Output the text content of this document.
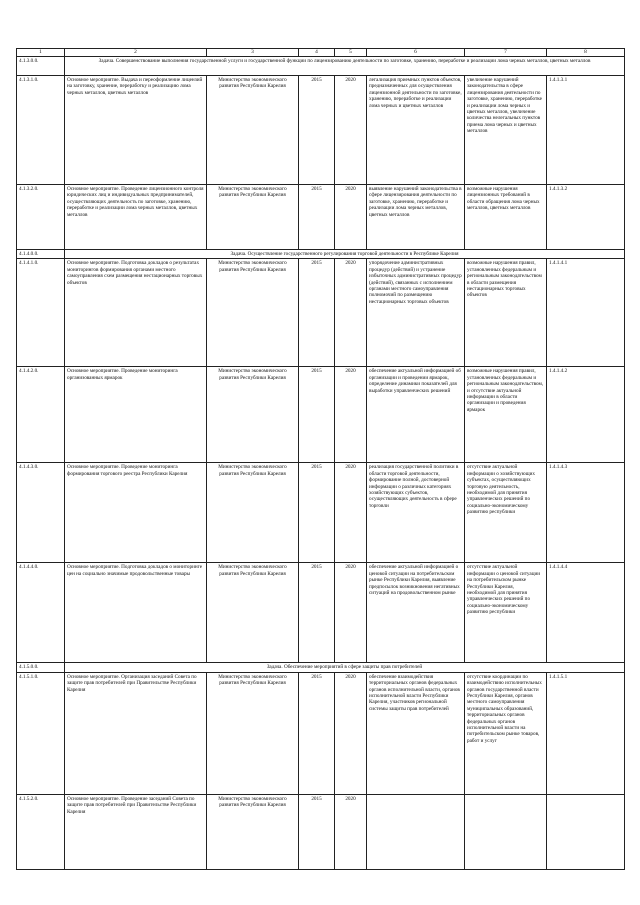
1	2	3	4	5	6	7	8
4.1.3.0.0.	Задача. Совершенствование выполнения государственной услуги и государственной функции по лицензированию деятельности по заготовке, хранению, переработке и реализации лома черных металлов, цветных металлов						
4.1.3.1.0.	Основное мероприятие. Выдача и переоформление лицензий на заготовку, хранение, переработку и реализацию лома черных металлов, цветных металлов	Министерство экономического развития Республики Карелия	2015	2020	легализация приемных пунктов объектов, предназначенных для осуществления лицензионной деятельности по заготовке, хранению, переработке и реализации лома черных и цветных металлов	увеличение нарушений законодательства в сфере лицензирования деятельности по заготовке, хранению, переработке и реализации лома черных и цветных металлов, увеличение количества нелегальных пунктов приема лома черных и цветных металлов	1.4.1.3.1
4.1.3.2.0.	Основное мероприятие. Проведение лицензионного контроля юридических лиц и индивидуальных предпринимателей, осуществляющих деятельность по заготовке, хранению, переработке и реализации лома черных металлов, цветных металлов	Министерство экономического развития Республики Карелия	2015	2020	выявление нарушений законодательства в сфере лицензирования деятельности по заготовке, хранению, переработке и реализации лома черных металлов, цветных металлов	возможные нарушения лицензионных требований в области обращения лома черных металлов, цветных металлов	1.4.1.3.2
4.1.4.0.0.	Задача. Осуществление государственного регулирования торговой деятельности в Республике Карелия						
4.1.4.1.0.	Основное мероприятие. Подготовка докладов о результатах мониторингов формирования органами местного самоуправления схем размещения нестационарных торговых объектов	Министерство экономического развития Республики Карелия	2015	2020	упорядочение административных процедур (действий) и устранение избыточных административных процедур (действий), связанных с исполнением органами местного самоуправления полномочий по размещению нестационарных торговых объектов	возможные нарушения правил, установленных федеральным и региональным законодательством в области размещения нестационарных торговых объектов	1.4.1.4.1
4.1.4.2.0.	Основное мероприятие. Проведение мониторинга организованных ярмарок	Министерство экономического развития Республики Карелия	2015	2020	обеспечение актуальной информацией об организации и проведении ярмарок, определение динамики показателей для выработки управленческих решений	возможные нарушения правил, установленных федеральным и региональным законодательством, и отсутствие актуальной информации в области организации и проведения ярмарок	1.4.1.4.2
4.1.4.3.0.	Основное мероприятие. Проведение мониторинга формирования торгового реестра Республики Карелия	Министерство экономического развития Республики Карелия	2015	2020	реализация государственной политики в области торговой деятельности, формирование полной, достоверной информации о различных категориях хозяйствующих субъектов, осуществляющих деятельность в сфере торговли	отсутствие актуальной информации о хозяйствующих субъектах, осуществляющих торговую деятельность, необходимой для принятия управленческих решений по социально-экономическому развитию республики	1.4.1.4.3
4.1.4.4.0.	Основное мероприятие. Подготовка докладов о мониторинге цен на социально значимые продовольственные товары	Министерство экономического развития Республики Карелия	2015	2020	обеспечение актуальной информацией о ценовой ситуации на потребительском рынке Республики Карелия, выявление предпосылок возникновения негативных ситуаций на продовольственном рынке	отсутствие актуальной информации о ценовой ситуации на потребительском рынке Республики Карелия, необходимой для принятия управленческих решений по социально-экономическому развитию республики	1.4.1.4.4
4.1.5.0.0.	Задача. Обеспечение мероприятий в сфере защиты прав потребителей						
4.1.5.1.0.	Основное мероприятие. Организация заседаний Совета по защите прав потребителей при Правительстве Республики Карелия	Министерство экономического развития Республики Карелия	2015	2020	обеспечение взаимодействия территориальных органов федеральных органов исполнительной власти, органов исполнительной власти Республики Карелия, участников региональной системы защиты прав потребителей	отсутствие координации по взаимодействию исполнительных органов государственной власти Республики Карелия, органов местного самоуправления муниципальных образований, территориальных органов федеральных органов исполнительной власти на потребительском рынке товаров, работ и услуг	1.4.1.5.1
4.1.5.2.0.	Основное мероприятие. Проведение заседаний Совета по защите прав потребителей при Правительстве Республики Карелия	Министерство экономического развития Республики Карелия	2015	2020			
